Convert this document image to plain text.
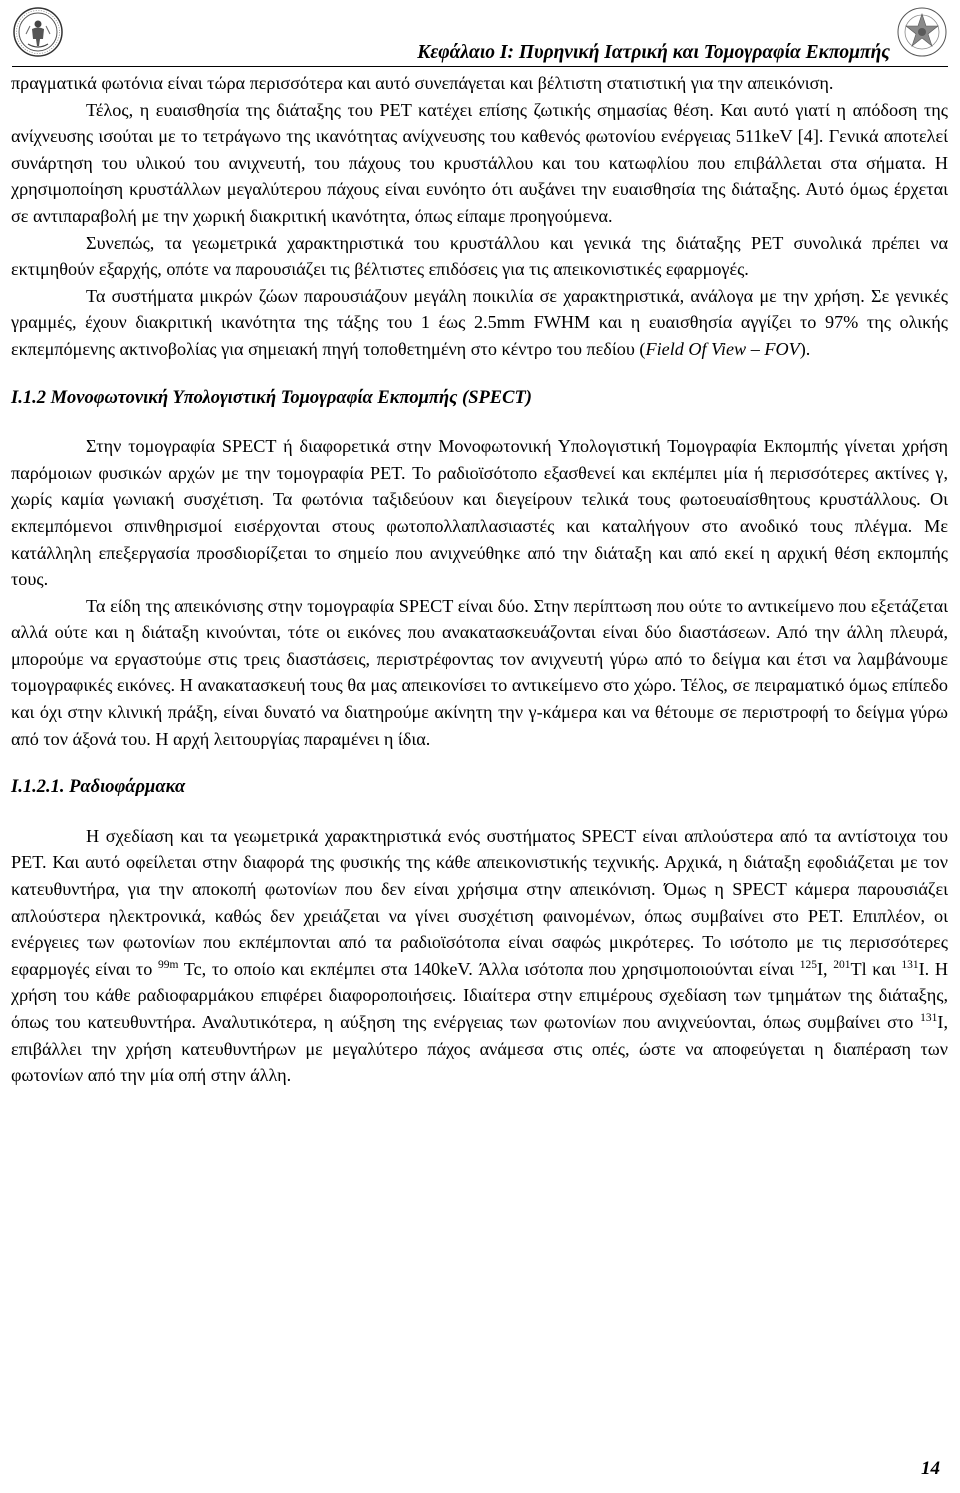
Κεφάλαιο Ι: Πυρηνική Ιατρική και Τομογραφία Εκπομπής

πραγματικά φωτόνια είναι τώρα περισσότερα και αυτό συνεπάγεται και βέλτιστη στατιστική για την απεικόνιση.

Τέλος, η ευαισθησία της διάταξης του PET κατέχει επίσης ζωτικής σημασίας θέση. Και αυτό γιατί η απόδοση της ανίχνευσης ισούται με το τετράγωνο της ικανότητας ανίχνευσης του καθενός φωτονίου ενέργειας 511keV [4]. Γενικά αποτελεί συνάρτηση του υλικού του ανιχνευτή, του πάχους του κρυστάλλου και του κατωφλίου που επιβάλλεται στα σήματα. Η χρησιμοποίηση κρυστάλλων μεγαλύτερου πάχους είναι ευνόητο ότι αυξάνει την ευαισθησία της διάταξης. Αυτό όμως έρχεται σε αντιπαραβολή με την χωρική διακριτική ικανότητα, όπως είπαμε προηγούμενα.

Συνεπώς, τα γεωμετρικά χαρακτηριστικά του κρυστάλλου και γενικά της διάταξης PET συνολικά πρέπει να εκτιμηθούν εξαρχής, οπότε να παρουσιάζει τις βέλτιστες επιδόσεις για τις απεικονιστικές εφαρμογές.

Τα συστήματα μικρών ζώων παρουσιάζουν μεγάλη ποικιλία σε χαρακτηριστικά, ανάλογα με την χρήση. Σε γενικές γραμμές, έχουν διακριτική ικανότητα της τάξης του 1 έως 2.5mm FWHM και η ευαισθησία αγγίζει το 97% της ολικής εκπεμπόμενης ακτινοβολίας για σημειακή πηγή τοποθετημένη στο κέντρο του πεδίου (Field Of View – FOV).

Ι.1.2 Μονοφωτονική Υπολογιστική Τομογραφία Εκπομπής (SPECT)

Στην τομογραφία SPECT ή διαφορετικά στην Μονοφωτονική Υπολογιστική Τομογραφία Εκπομπής γίνεται χρήση παρόμοιων φυσικών αρχών με την τομογραφία PET. Το ραδιοϊσότοπο εξασθενεί και εκπέμπει μία ή περισσότερες ακτίνες γ, χωρίς καμία γωνιακή συσχέτιση. Τα φωτόνια ταξιδεύουν και διεγείρουν τελικά τους φωτοευαίσθητους κρυστάλλους. Οι εκπεμπόμενοι σπινθηρισμοί εισέρχονται στους φωτοπολλαπλασιαστές και καταλήγουν στο ανοδικό τους πλέγμα. Με κατάλληλη επεξεργασία προσδιορίζεται το σημείο που ανιχνεύθηκε από την διάταξη και από εκεί η αρχική θέση εκπομπής τους.

Τα είδη της απεικόνισης στην τομογραφία SPECT είναι δύο. Στην περίπτωση που ούτε το αντικείμενο που εξετάζεται αλλά ούτε και η διάταξη κινούνται, τότε οι εικόνες που ανακατασκευάζονται είναι δύο διαστάσεων. Από την άλλη πλευρά, μπορούμε να εργαστούμε στις τρεις διαστάσεις, περιστρέφοντας τον ανιχνευτή γύρω από το δείγμα και έτσι να λαμβάνουμε τομογραφικές εικόνες. Η ανακατασκευή τους θα μας απεικονίσει το αντικείμενο στο χώρο. Τέλος, σε πειραματικό όμως επίπεδο και όχι στην κλινική πράξη, είναι δυνατό να διατηρούμε ακίνητη την γ-κάμερα και να θέτουμε σε περιστροφή το δείγμα γύρω από τον άξονά του. Η αρχή λειτουργίας παραμένει η ίδια.

Ι.1.2.1. Ραδιοφάρμακα

Η σχεδίαση και τα γεωμετρικά χαρακτηριστικά ενός συστήματος SPECT είναι απλούστερα από τα αντίστοιχα του PET. Και αυτό οφείλεται στην διαφορά της φυσικής της κάθε απεικονιστικής τεχνικής. Αρχικά, η διάταξη εφοδιάζεται με τον κατευθυντήρα, για την αποκοπή φωτονίων που δεν είναι χρήσιμα στην απεικόνιση. Όμως η SPECT κάμερα παρουσιάζει απλούστερα ηλεκτρονικά, καθώς δεν χρειάζεται να γίνει συσχέτιση φαινομένων, όπως συμβαίνει στο PET. Επιπλέον, οι ενέργειες των φωτονίων που εκπέμπονται από τα ραδιοϊσότοπα είναι σαφώς μικρότερες. Το ισότοπο με τις περισσότερες εφαρμογές είναι το $^{99m}$ Tc, το οποίο και εκπέμπει στα 140keV. Άλλα ισότοπα που χρησιμοποιούνται είναι $^{125}$I, $^{201}$Tl και $^{131}$I. Η χρήση του κάθε ραδιοφαρμάκου επιφέρει διαφοροποιήσεις. Ιδιαίτερα στην επιμέρους σχεδίαση των τμημάτων της διάταξης, όπως του κατευθυντήρα. Αναλυτικότερα, η αύξηση της ενέργειας των φωτονίων που ανιχνεύονται, όπως συμβαίνει στο $^{131}$I, επιβάλλει την χρήση κατευθυντήρων με μεγαλύτερο πάχος ανάμεσα στις οπές, ώστε να αποφεύγεται η διαπέραση των φωτονίων από την μία οπή στην άλλη.

14
